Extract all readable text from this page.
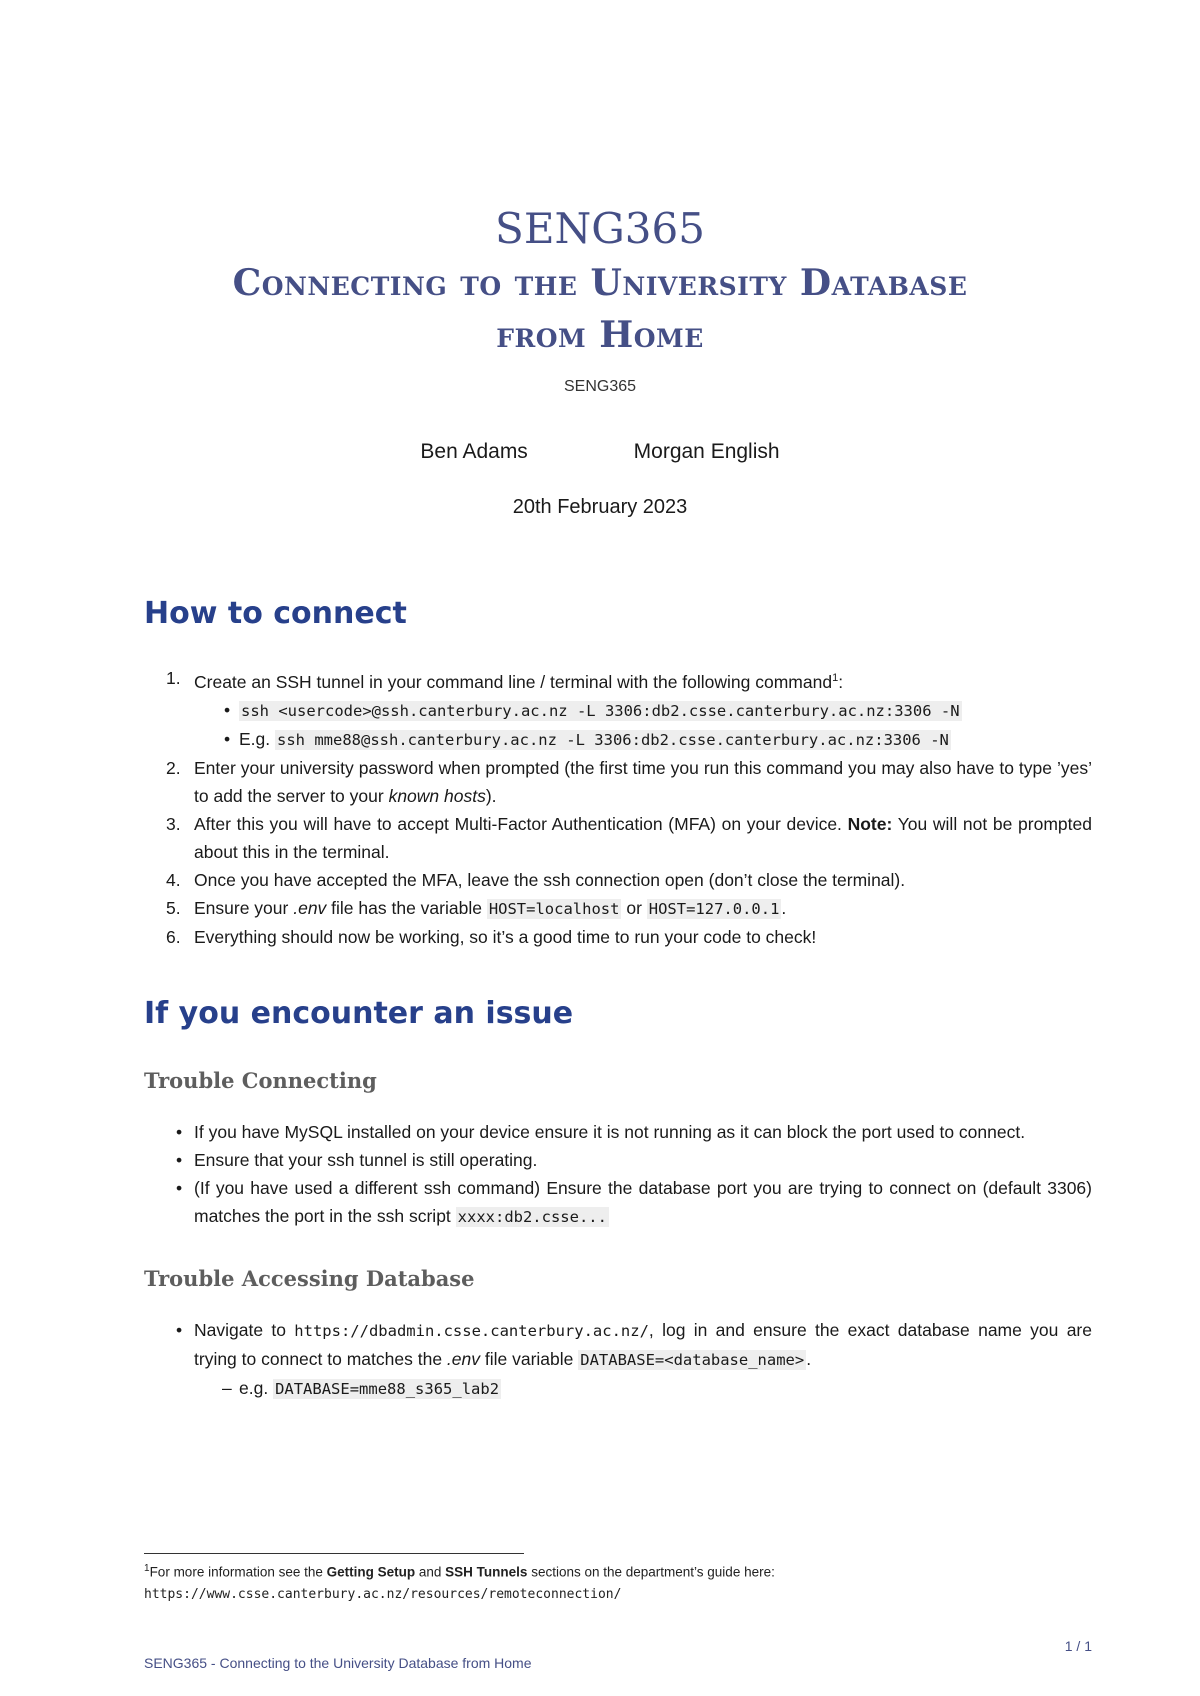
SENG365
Connecting to the University Database
from Home
SENG365
Ben Adams	Morgan English
20th February 2023
How to connect
1. Create an SSH tunnel in your command line / terminal with the following command$^1$:
• ssh <usercode>@ssh.canterbury.ac.nz -L 3306:db2.csse.canterbury.ac.nz:3306 -N
• E.g. ssh mme88@ssh.canterbury.ac.nz -L 3306:db2.csse.canterbury.ac.nz:3306 -N
2. Enter your university password when prompted (the first time you run this command you may also have to type ’yes’ to add the server to your known hosts).
3. After this you will have to accept Multi-Factor Authentication (MFA) on your device. Note: You will not be prompted about this in the terminal.
4. Once you have accepted the MFA, leave the ssh connection open (don’t close the terminal).
5. Ensure your .env file has the variable HOST=localhost or HOST=127.0.0.1 .
6. Everything should now be working, so it’s a good time to run your code to check!
If you encounter an issue
Trouble Connecting
• If you have MySQL installed on your device ensure it is not running as it can block the port used to connect.
• Ensure that your ssh tunnel is still operating.
• (If you have used a different ssh command) Ensure the database port you are trying to connect on (default 3306) matches the port in the ssh script xxxx:db2.csse...
Trouble Accessing Database
• Navigate to https://dbadmin.csse.canterbury.ac.nz/, log in and ensure the exact database name you are trying to connect to matches the .env file variable DATABASE=<database_name> .
– e.g. DATABASE=mme88_s365_lab2
$^1$For more information see the Getting Setup and SSH Tunnels sections on the department’s guide here: https://www.csse.canterbury.ac.nz/resources/remoteconnection/
1 / 1
SENG365 - Connecting to the University Database from Home
